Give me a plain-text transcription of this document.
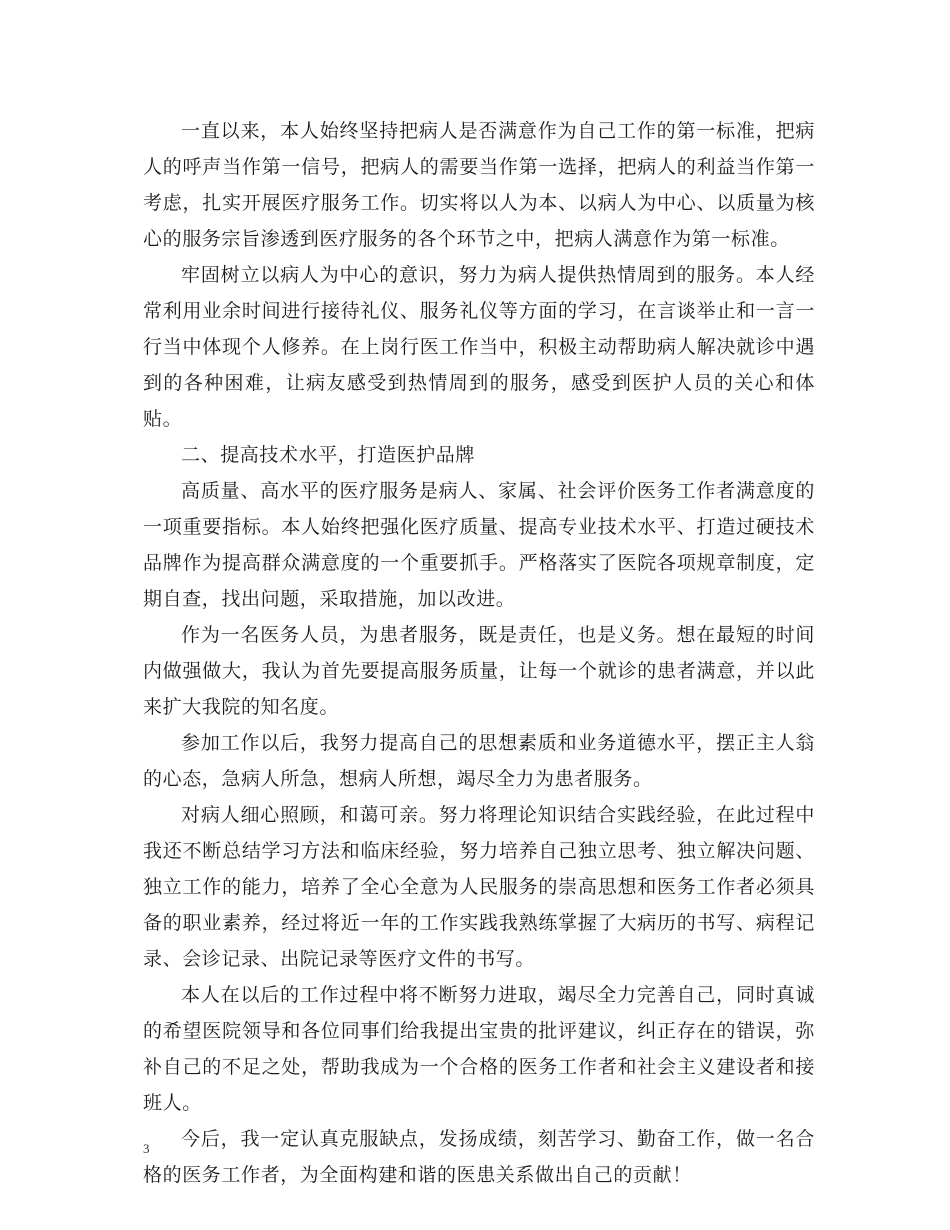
一直以来，本人始终坚持把病人是否满意作为自己工作的第一标准，把病人的呼声当作第一信号，把病人的需要当作第一选择，把病人的利益当作第一考虑，扎实开展医疗服务工作。切实将以人为本、以病人为中心、以质量为核心的服务宗旨渗透到医疗服务的各个环节之中，把病人满意作为第一标准。

牢固树立以病人为中心的意识，努力为病人提供热情周到的服务。本人经常利用业余时间进行接待礼仪、服务礼仪等方面的学习，在言谈举止和一言一行当中体现个人修养。在上岗行医工作当中，积极主动帮助病人解决就诊中遇到的各种困难，让病友感受到热情周到的服务，感受到医护人员的关心和体贴。

二、提高技术水平，打造医护品牌

高质量、高水平的医疗服务是病人、家属、社会评价医务工作者满意度的一项重要指标。本人始终把强化医疗质量、提高专业技术水平、打造过硬技术品牌作为提高群众满意度的一个重要抓手。严格落实了医院各项规章制度，定期自查，找出问题，采取措施，加以改进。

作为一名医务人员，为患者服务，既是责任，也是义务。想在最短的时间内做强做大，我认为首先要提高服务质量，让每一个就诊的患者满意，并以此来扩大我院的知名度。

参加工作以后，我努力提高自己的思想素质和业务道德水平，摆正主人翁的心态，急病人所急，想病人所想，竭尽全力为患者服务。

对病人细心照顾，和蔼可亲。努力将理论知识结合实践经验，在此过程中我还不断总结学习方法和临床经验，努力培养自己独立思考、独立解决问题、独立工作的能力，培养了全心全意为人民服务的崇高思想和医务工作者必须具备的职业素养，经过将近一年的工作实践我熟练掌握了大病历的书写、病程记录、会诊记录、出院记录等医疗文件的书写。

本人在以后的工作过程中将不断努力进取，竭尽全力完善自己，同时真诚的希望医院领导和各位同事们给我提出宝贵的批评建议，纠正存在的错误，弥补自己的不足之处，帮助我成为一个合格的医务工作者和社会主义建设者和接班人。

今后，我一定认真克服缺点，发扬成绩，刻苦学习、勤奋工作，做一名合格的医务工作者，为全面构建和谐的医患关系做出自己的贡献！

3
